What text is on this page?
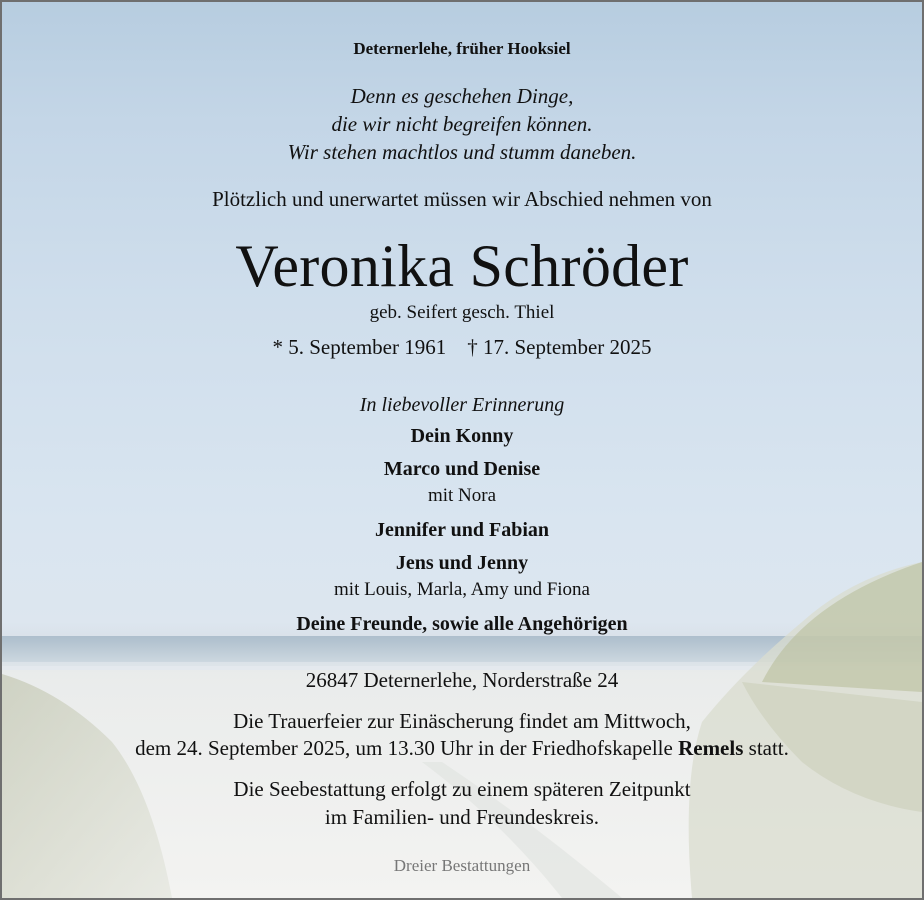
Deternerlehe, früher Hooksiel
Denn es geschehen Dinge,
die wir nicht begreifen können.
Wir stehen machtlos und stumm daneben.
Plötzlich und unerwartet müssen wir Abschied nehmen von
Veronika Schröder
geb. Seifert gesch. Thiel
* 5. September 1961    † 17. September 2025
In liebevoller Erinnerung
Dein Konny
Marco und Denise
mit Nora
Jennifer und Fabian
Jens und Jenny
mit Louis, Marla, Amy und Fiona
Deine Freunde, sowie alle Angehörigen
26847 Deternerlehe, Norderstraße 24
Die Trauerfeier zur Einäscherung findet am Mittwoch,
dem 24. September 2025, um 13.30 Uhr in der Friedhofskapelle Remels statt.
Die Seebestattung erfolgt zu einem späteren Zeitpunkt
im Familien- und Freundeskreis.
Dreier Bestattungen
